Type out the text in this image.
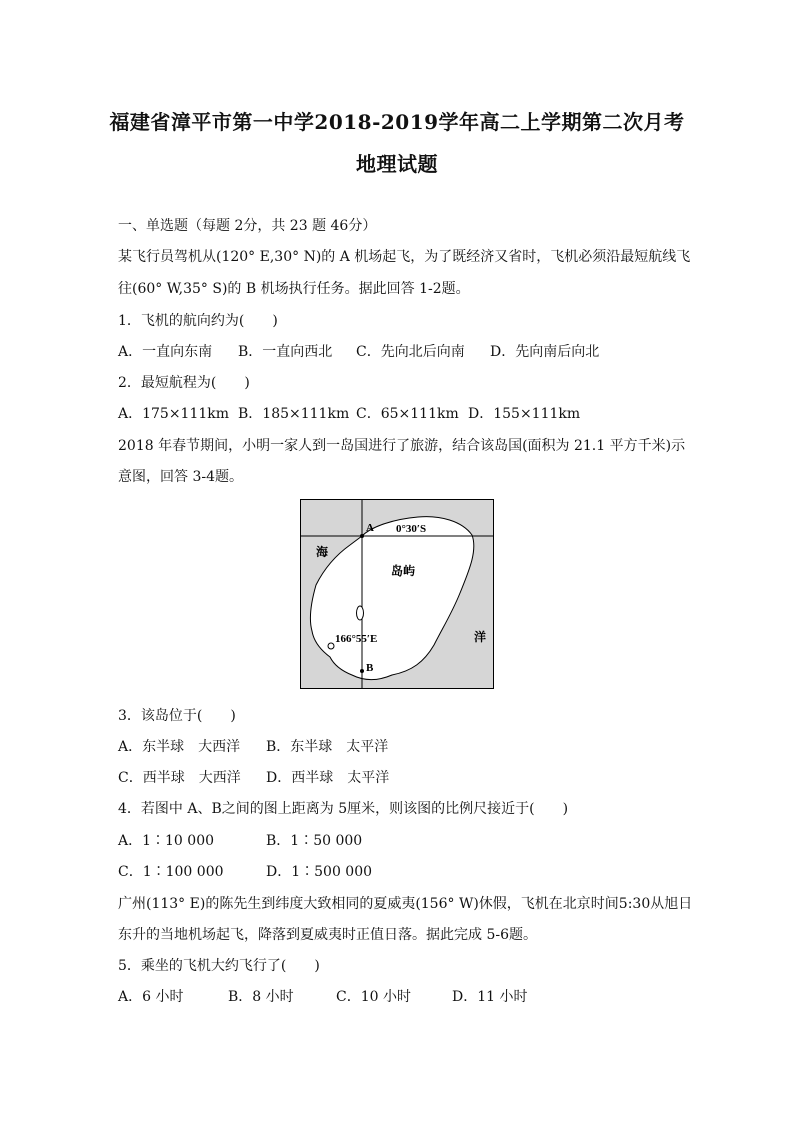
福建省漳平市第一中学2018-2019学年高二上学期第二次月考
地理试题
一、单选题（每题 2分，共 23 题 46分）
某飞行员驾机从(120° E,30° N)的 A 机场起飞，为了既经济又省时，飞机必须沿最短航线飞
往(60° W,35° S)的 B 机场执行任务。据此回答 1-2题。
1．飞机的航向约为(　　)
A．一直向东南 B．一直向西北 C．先向北后向南 D．先向南后向北
2．最短航程为(　　)
A．175×111km B．185×111km C．65×111km D．155×111km
2018 年春节期间，小明一家人到一岛国进行了旅游，结合该岛国(面积为 21.1 平方千米)示
意图，回答 3-4题。
A
B
0°30′S
166°55′E
海
洋
岛屿
3．该岛位于(　　)
A．东半球　大西洋 B．东半球　太平洋
C．西半球　大西洋 D．西半球　太平洋
4．若图中 A、B之间的图上距离为 5厘米，则该图的比例尺接近于(　　)
A．1∶10 000	B．1∶50 000
C．1∶100 000	D．1∶500 000
广州(113° E)的陈先生到纬度大致相同的夏威夷(156° W)休假，飞机在北京时间5:30从旭日
东升的当地机场起飞，降落到夏威夷时正值日落。据此完成 5-6题。
5．乘坐的飞机大约飞行了(　　)
A．6 小时	B．8 小时	C．10 小时	D．11 小时
